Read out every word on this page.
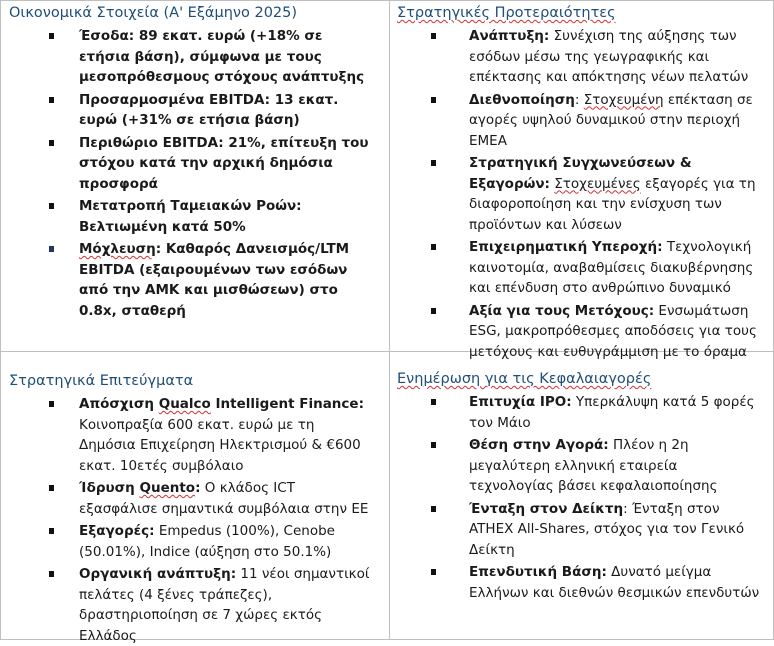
Οικονομικά Στοιχεία (Α' Εξάμηνο 2025)
Έσοδα: 89 εκατ. ευρώ (+18% σε ετήσια βάση), σύμφωνα με τους μεσοπρόθεσμους στόχους ανάπτυξης
Προσαρμοσμένα EBITDA: 13 εκατ. ευρώ (+31% σε ετήσια βάση)
Περιθώριο EBITDA: 21%, επίτευξη του στόχου κατά την αρχική δημόσια προσφορά
Μετατροπή Ταμειακών Ροών: Βελτιωμένη κατά 50%
Μόχλευση: Καθαρός Δανεισμός/LTM EBITDA (εξαιρουμένων των εσόδων από την ΑΜΚ και μισθώσεων) στο 0.8x, σταθερή
Στρατηγικές Προτεραιότητες
Ανάπτυξη: Συνέχιση της αύξησης των εσόδων μέσω της γεωγραφικής και επέκτασης και απόκτησης νέων πελατών
Διεθνοποίηση: Στοχευμένη επέκταση σε αγορές υψηλού δυναμικού στην περιοχή EMEA
Στρατηγική Συγχωνεύσεων & Εξαγορών: Στοχευμένες εξαγορές για τη διαφοροποίηση και την ενίσχυση των προϊόντων και λύσεων
Επιχειρηματική Υπεροχή: Τεχνολογική καινοτομία, αναβαθμίσεις διακυβέρνησης και επένδυση στο ανθρώπινο δυναμικό
Αξία για τους Μετόχους: Ενσωμάτωση ESG, μακροπρόθεσμες αποδόσεις για τους μετόχους και ευθυγράμμιση με το όραμα
Στρατηγικά Επιτεύγματα
Απόσχιση Qualco Intelligent Finance: Κοινοπραξία 600 εκατ. ευρώ με τη Δημόσια Επιχείρηση Ηλεκτρισμού & €600 εκατ. 10ετές συμβόλαιο
Ίδρυση Quento: Ο κλάδος ICT εξασφάλισε σημαντικά συμβόλαια στην ΕΕ
Εξαγορές: Empedus (100%), Cenobe (50.01%), Indice (αύξηση στο 50.1%)
Οργανική ανάπτυξη: 11 νέοι σημαντικοί πελάτες (4 ξένες τράπεζες), δραστηριοποίηση σε 7 χώρες εκτός Ελλάδος
Ενημέρωση για τις Κεφαλαιαγορές
Επιτυχία IPO: Υπερκάλυψη κατά 5 φορές τον Μάιο
Θέση στην Αγορά: Πλέον η 2η μεγαλύτερη ελληνική εταιρεία τεχνολογίας βάσει κεφαλαιοποίησης
Ένταξη στον Δείκτη: Ένταξη στον ATHEX All-Shares, στόχος για τον Γενικό Δείκτη
Επενδυτική Βάση: Δυνατό μείγμα Ελλήνων και διεθνών θεσμικών επενδυτών
